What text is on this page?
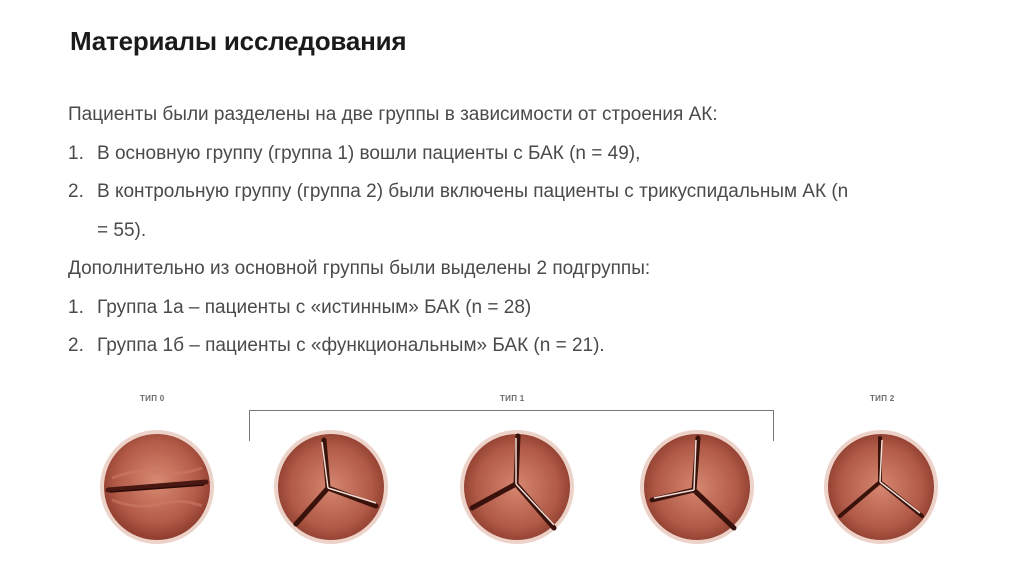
Материалы исследования
Пациенты были разделены на две группы в зависимости от строения АК:
1. В основную группу (группа 1) вошли пациенты с БАК (n = 49),
2. В контрольную группу (группа 2) были включены пациенты с трикуспидальным АК (n
= 55).
Дополнительно из основной группы были выделены 2 подгруппы:
1. Группа 1а – пациенты с «истинным» БАК (n = 28)
2. Группа 1б – пациенты с «функциональным» БАК (n = 21).
ТИП 0	ТИП 1	ТИП 2
